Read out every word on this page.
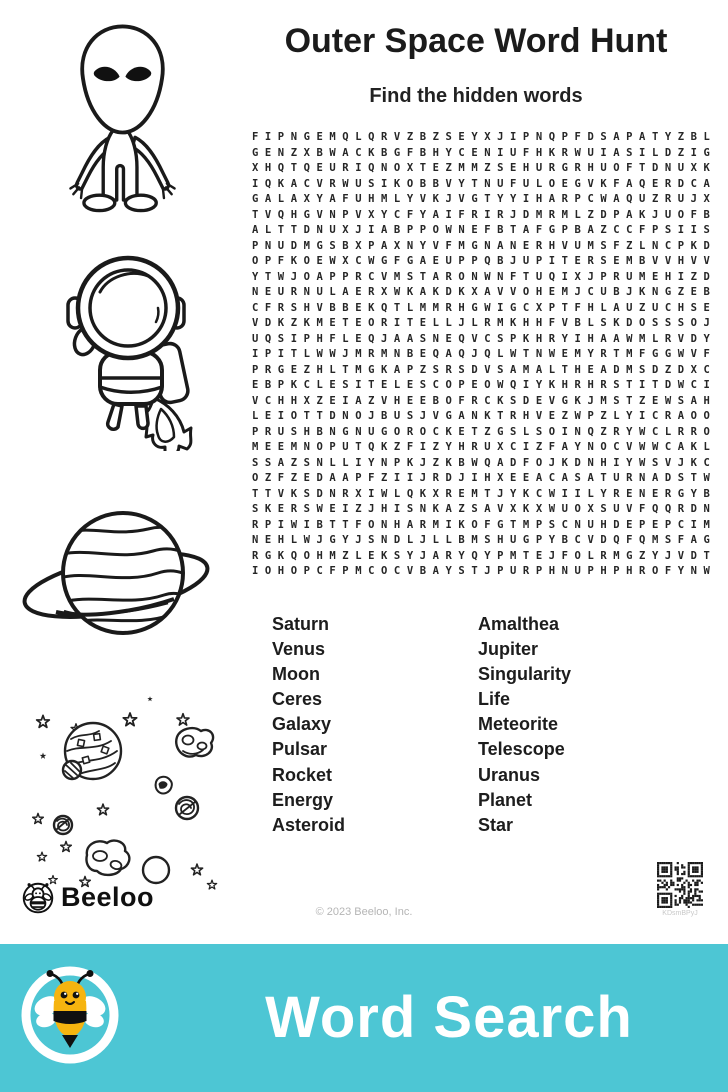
Outer Space Word Hunt
Find the hidden words
FIPNGEMQLQRVZBZSEYXJIPNQPFDSAPATYZBL
GENZXBWACKBGFBHYCENIUFHKRWUIASILDZIG
XHQTQEURIQNOXTEZMMZSEHURGRHUOFTDNUXK
IQKACVRWUSIKOBBVYTNUFULOEGVKFAQERDCA
GALAXYAFUHMLYVKJVGTYYIHARPCWAQUZRUJX
TVQHGVNPVXYCFYAIFRIRJDMRMLZDPAKJUOFB
ALTTDNUXJIABPPOWNEFBTAFGPBAZCCFPSIIS
PNUDMGSBXPAXNYVFMGNANERHVUMSFZLNCPKD
OPFKOEWXCWGFGAEUPPQBJUPITERSEMBVVHVV
YTWJOAPPRCVMSTARONWNFTUQIXJPRUMEHIZD
NEURNULAERXWKAKDKXAVVOHEMJCUBJKNGZEB
CFRSHVBBEKQTLMMRHGWIGCXPTFHLAUZUCHSE
VDKZKMETEORITELLJLRMKHHFVBLSKDOSSSOJ
UQSIPHFLEQJAASNEQVCSPKHRYIHAAWMLRVDY
IPITLWWJMRMNBEQAQJQLWTNWEMYRTMFGGWVF
PRGEZHLTMGKAPZSRSDVSAMALTHEADMSDZDXC
EBPKCLESITELESCOPEOWQIYKHRHRSTITDWCI
VCHHXZEIAZVHEEBOFRCKSDEVGKJMSTZEWSAH
LEIOTTDNOJBUSJVGANKTRHVEZWPZLYICRAOO
PRUSHBNGNUGOROCKETZGSLSOINQZRYWCLRRO
MEEMNOPUTQKZFIZYHRUXCIZFAYNOCVWWCAKL
SSAZSNLLIYNPKJZKBWQADFOJKDNHIYWSVJKC
OZFZEDAAPFZIIJRDJIHXEEACASATURNADSTW
TTVKSDNRXIWLQKXREMTJYKCWIILYRENERGYB
SKERSWEIZJHISNKAZSAVXKXWUOXSUVFQQRDN
RPIWIBTTFONHARMIKOFGTMPSCNUHDEPEPCIM
NEHLWJGYJSNDLJLLBMSHUGPYBCVDQFQMSFAG
RGKQOHMZLEKSYJARYQYPMTEJFOLRMGZYJVDT
IOHOPCFPMCOCVBAYSTJPURPHNUPHPHROFYNW
Saturn
Venus
Moon
Ceres
Galaxy
Pulsar
Rocket
Energy
Asteroid
Amalthea
Jupiter
Singularity
Life
Meteorite
Telescope
Uranus
Planet
Star
Beeloo
© 2023 Beeloo, Inc.	KDsmBPyJ
Word Search
